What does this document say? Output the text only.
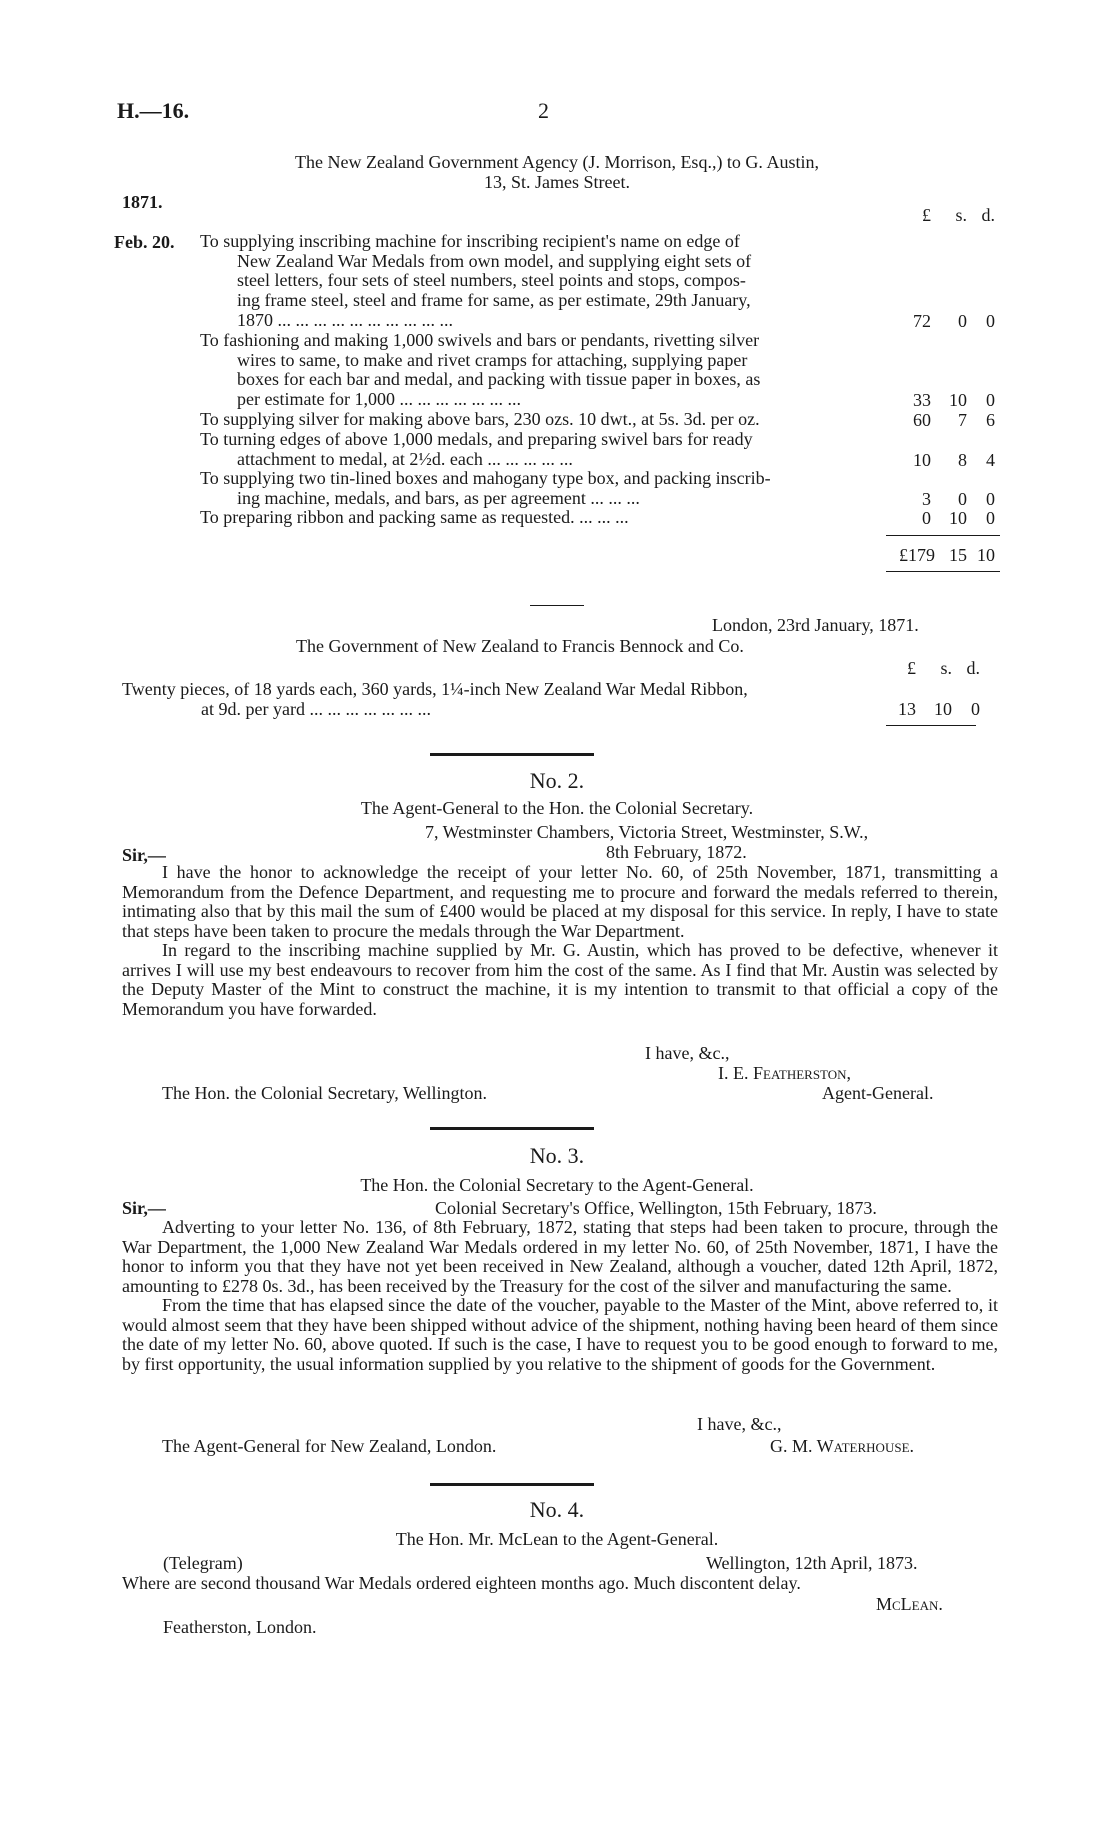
H.—16.	2
The New Zealand Government Agency (J. Morrison, Esq.,) to G. Austin,
13, St. James Street.
1871.
£ s. d.
Feb. 20. To supplying inscribing machine for inscribing recipient's name on edge of
New Zealand War Medals from own model, and supplying eight sets of
steel letters, four sets of steel numbers, steel points and stops, compos-
ing frame steel, steel and frame for same, as per estimate, 29th January,
1870 ... ... ... ... ... ... ... ... ... ...	72 0 0
To fashioning and making 1,000 swivels and bars or pendants, rivetting silver
wires to same, to make and rivet cramps for attaching, supplying paper
boxes for each bar and medal, and packing with tissue paper in boxes, as
per estimate for 1,000 ... ... ... ... ... ... ...	33 10 0
To supplying silver for making above bars, 230 ozs. 10 dwt., at 5s. 3d. per oz.	60 7 6
To turning edges of above 1,000 medals, and preparing swivel bars for ready
attachment to medal, at 2½d. each ... ... ... ... ...	10 8 4
To supplying two tin-lined boxes and mahogany type box, and packing inscrib-
ing machine, medals, and bars, as per agreement ... ... ...	3 0 0
To preparing ribbon and packing same as requested. ... ... ...	0 10 0
£179 15 10
London, 23rd January, 1871.
The Government of New Zealand to Francis Bennock and Co.
£ s. d.
Twenty pieces, of 18 yards each, 360 yards, 1¼-inch New Zealand War Medal Ribbon,
at 9d. per yard ... ... ... ... ... ... ...	13 10 0
No. 2.
The Agent-General to the Hon. the Colonial Secretary.
7, Westminster Chambers, Victoria Street, Westminster, S.W.,
8th February, 1872.
Sir,—

I have the honor to acknowledge the receipt of your letter No. 60, of 25th November, 1871, transmitting a Memorandum from the Defence Department, and requesting me to procure and forward the medals referred to therein, intimating also that by this mail the sum of £400 would be placed at my disposal for this service. In reply, I have to state that steps have been taken to procure the medals through the War Department.

In regard to the inscribing machine supplied by Mr. G. Austin, which has proved to be defective, whenever it arrives I will use my best endeavours to recover from him the cost of the same. As I find that Mr. Austin was selected by the Deputy Master of the Mint to construct the machine, it is my intention to transmit to that official a copy of the Memorandum you have forwarded.

I have, &c.,
I. E. Featherston,
Agent-General.
The Hon. the Colonial Secretary, Wellington.
No. 3.
The Hon. the Colonial Secretary to the Agent-General.
Sir,—	Colonial Secretary's Office, Wellington, 15th February, 1873.

Adverting to your letter No. 136, of 8th February, 1872, stating that steps had been taken to procure, through the War Department, the 1,000 New Zealand War Medals ordered in my letter No. 60, of 25th November, 1871, I have the honor to inform you that they have not yet been received in New Zealand, although a voucher, dated 12th April, 1872, amounting to £278 0s. 3d., has been received by the Treasury for the cost of the silver and manufacturing the same.

From the time that has elapsed since the date of the voucher, payable to the Master of the Mint, above referred to, it would almost seem that they have been shipped without advice of the shipment, nothing having been heard of them since the date of my letter No. 60, above quoted. If such is the case, I have to request you to be good enough to forward to me, by first opportunity, the usual information supplied by you relative to the shipment of goods for the Government.

I have, &c.,
G. M. Waterhouse.
The Agent-General for New Zealand, London.
No. 4.
The Hon. Mr. McLean to the Agent-General.
(Telegram)	Wellington, 12th April, 1873.
Where are second thousand War Medals ordered eighteen months ago. Much discontent delay.
McLean.
Featherston, London.
